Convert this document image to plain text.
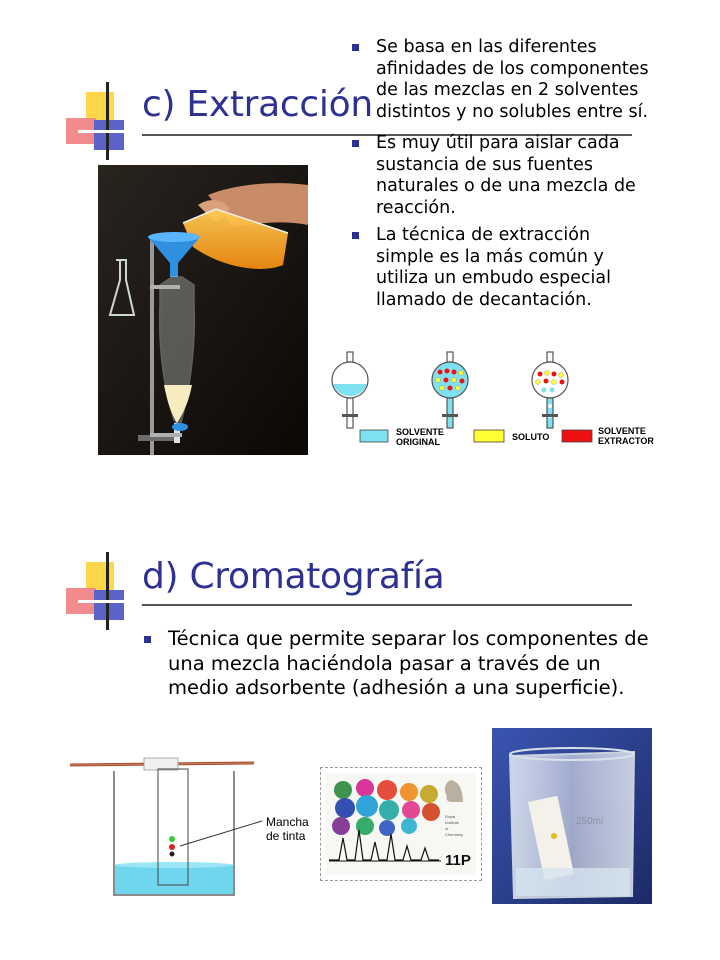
c) Extracción
Se basa en las diferentes afinidades de los componentes de las mezclas en 2 solventes distintos y no solubles entre sí.
Es muy útil para aislar cada sustancia de sus fuentes naturales o de una mezcla de reacción.
La técnica de extracción simple es la más común y utiliza un embudo especial llamado de decantación.
SOLVENTE ORIGINAL	SOLUTO
SOLVENTE EXTRACTOR
d) Cromatografía
Técnica que permite separar los componentes de una mezcla haciéndola pasar a través de un medio adsorbente (adhesión a una superficie).
Mancha de tinta
Royal
Institute
of
Chemistry
11P
250ml
